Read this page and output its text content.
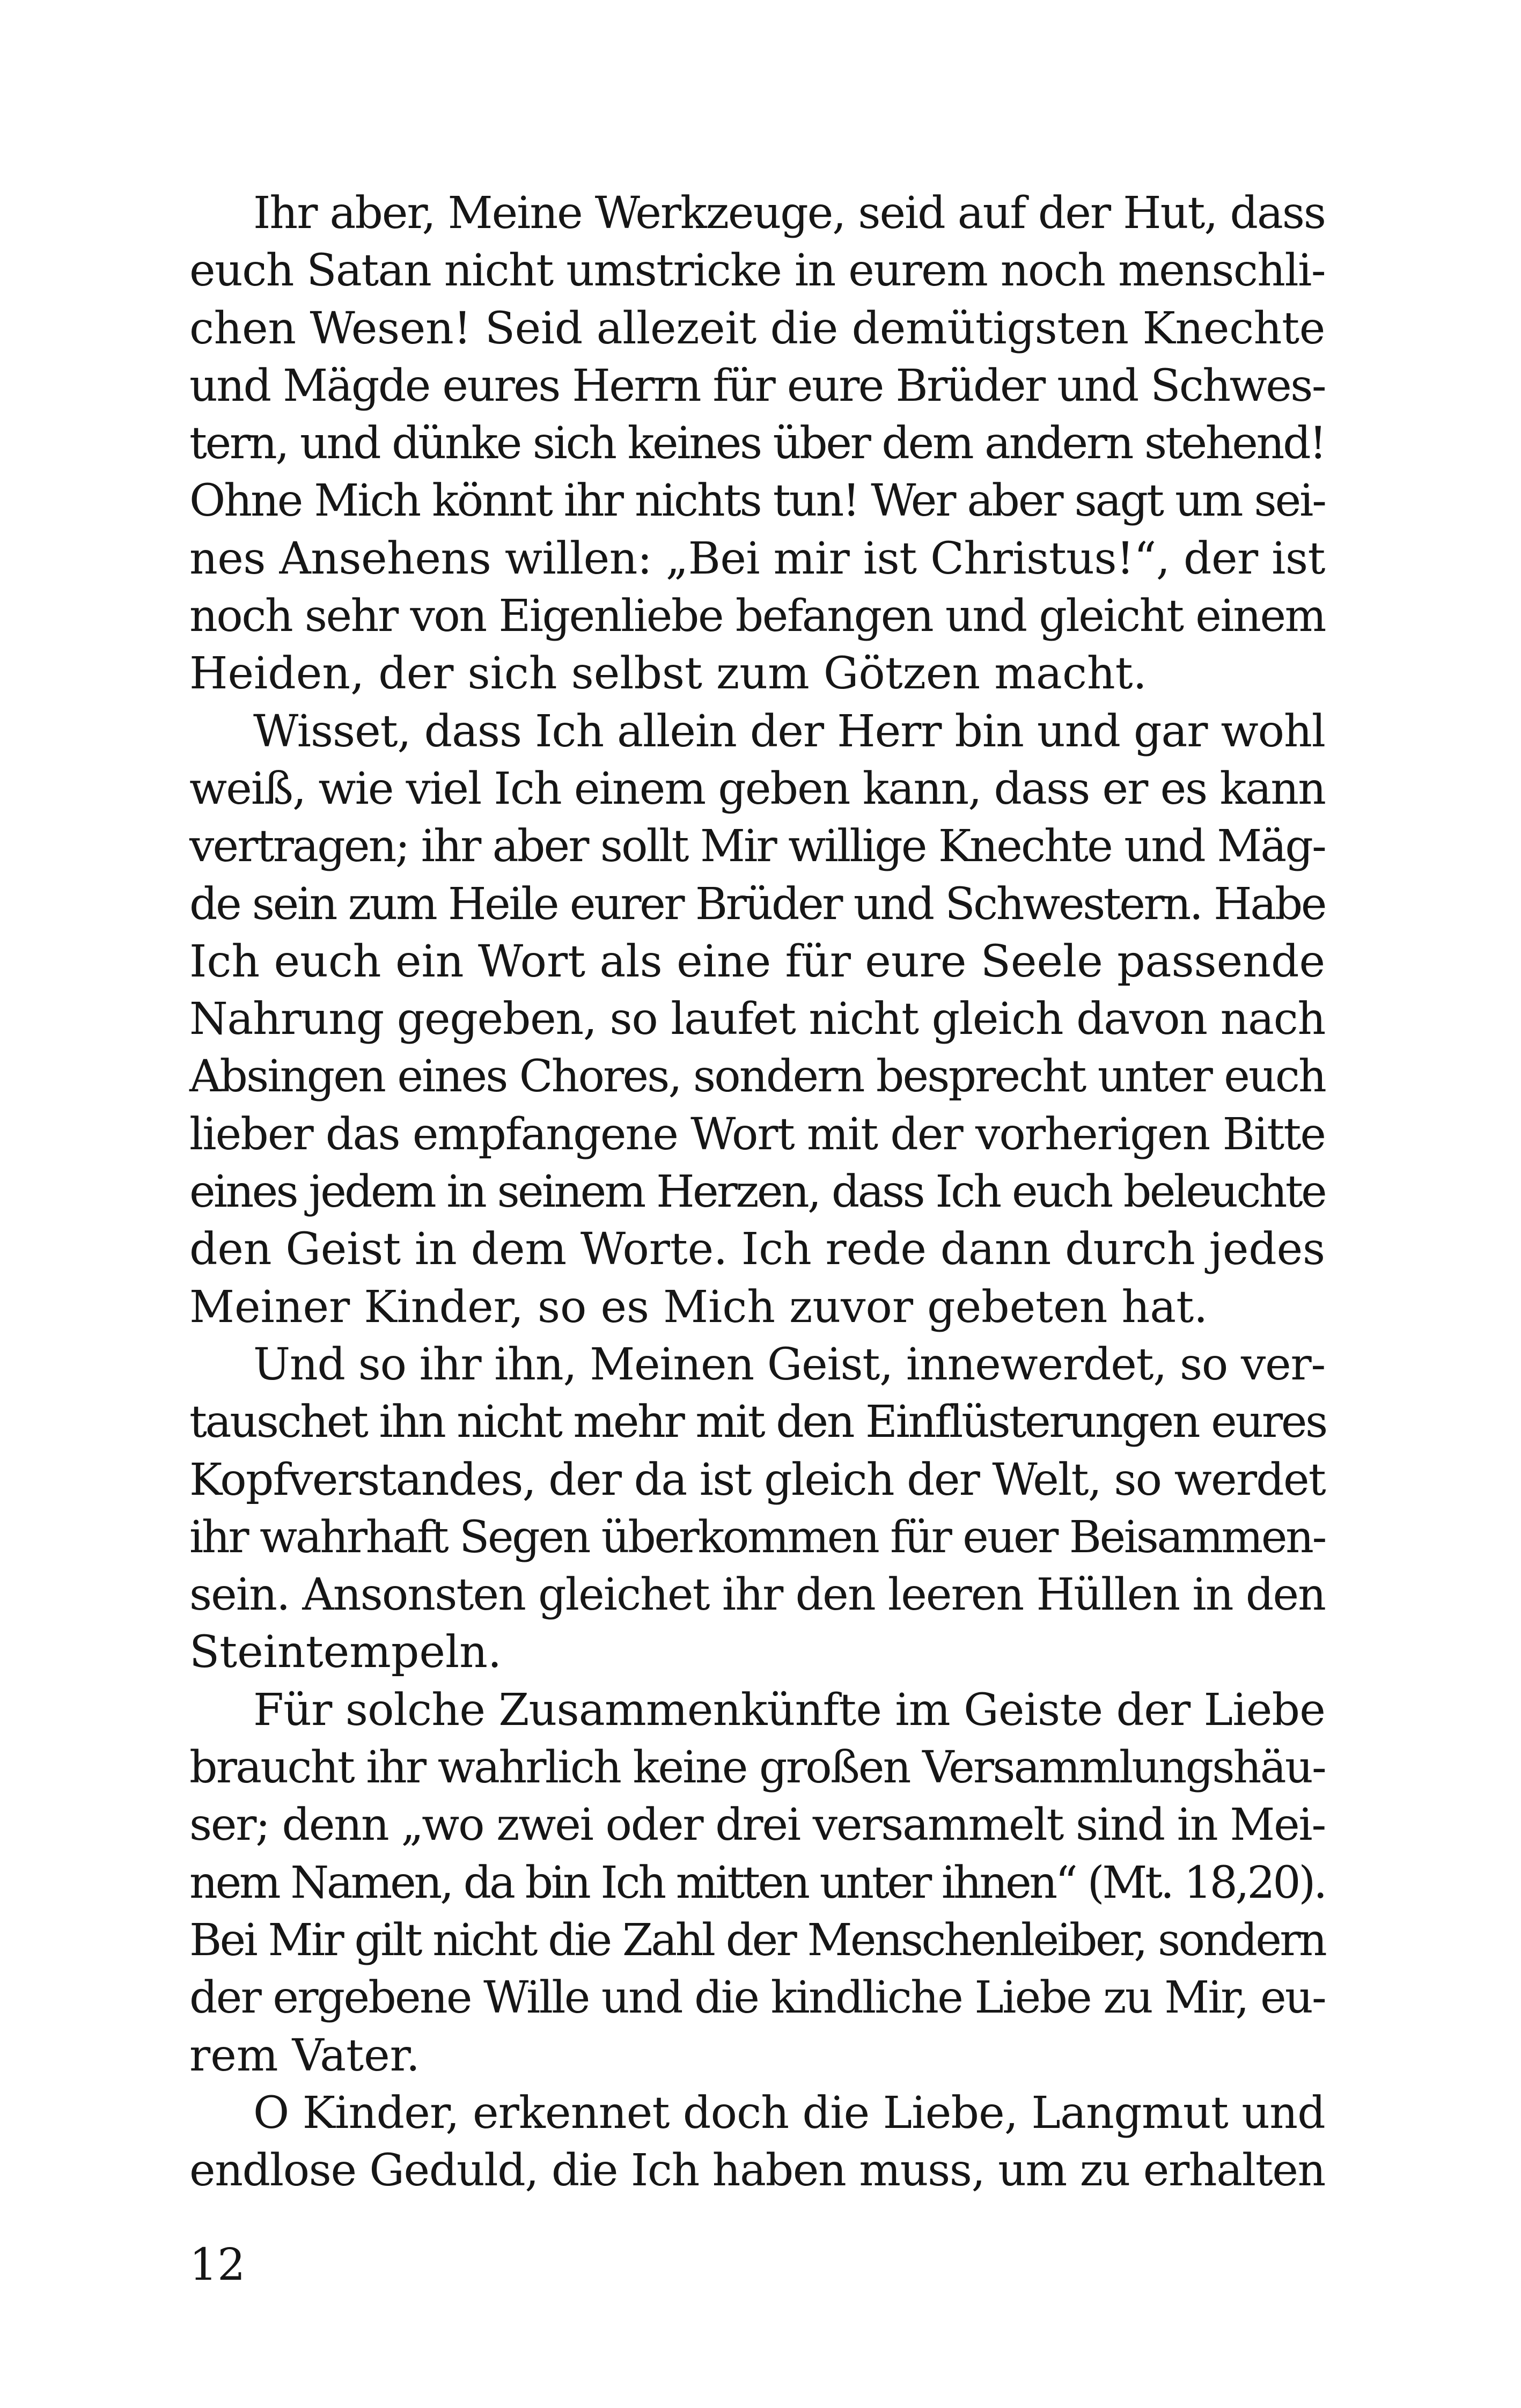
Ihr aber, Meine Werkzeuge, seid auf der Hut, dass
euch Satan nicht umstricke in eurem noch menschli-
chen Wesen! Seid allezeit die demütigsten Knechte
und Mägde eures Herrn für eure Brüder und Schwes-
tern, und dünke sich keines über dem andern stehend!
Ohne Mich könnt ihr nichts tun! Wer aber sagt um sei-
nes Ansehens willen: „Bei mir ist Christus!“, der ist
noch sehr von Eigenliebe befangen und gleicht einem
Heiden, der sich selbst zum Götzen macht.
Wisset, dass Ich allein der Herr bin und gar wohl
weiß, wie viel Ich einem geben kann, dass er es kann
vertragen; ihr aber sollt Mir willige Knechte und Mäg-
de sein zum Heile eurer Brüder und Schwestern. Habe
Ich euch ein Wort als eine für eure Seele passende
Nahrung gegeben, so laufet nicht gleich davon nach
Absingen eines Chores, sondern besprecht unter euch
lieber das empfangene Wort mit der vorherigen Bitte
eines jedem in seinem Herzen, dass Ich euch beleuchte
den Geist in dem Worte. Ich rede dann durch jedes
Meiner Kinder, so es Mich zuvor gebeten hat.
Und so ihr ihn, Meinen Geist, innewerdet, so ver-
tauschet ihn nicht mehr mit den Einflüsterungen eures
Kopfverstandes, der da ist gleich der Welt, so werdet
ihr wahrhaft Segen überkommen für euer Beisammen-
sein. Ansonsten gleichet ihr den leeren Hüllen in den
Steintempeln.
Für solche Zusammenkünfte im Geiste der Liebe
braucht ihr wahrlich keine großen Versammlungshäu-
ser; denn „wo zwei oder drei versammelt sind in Mei-
nem Namen, da bin Ich mitten unter ihnen“ (Mt. 18,20).
Bei Mir gilt nicht die Zahl der Menschenleiber, sondern
der ergebene Wille und die kindliche Liebe zu Mir, eu-
rem Vater.
O Kinder, erkennet doch die Liebe, Langmut und
endlose Geduld, die Ich haben muss, um zu erhalten
12
